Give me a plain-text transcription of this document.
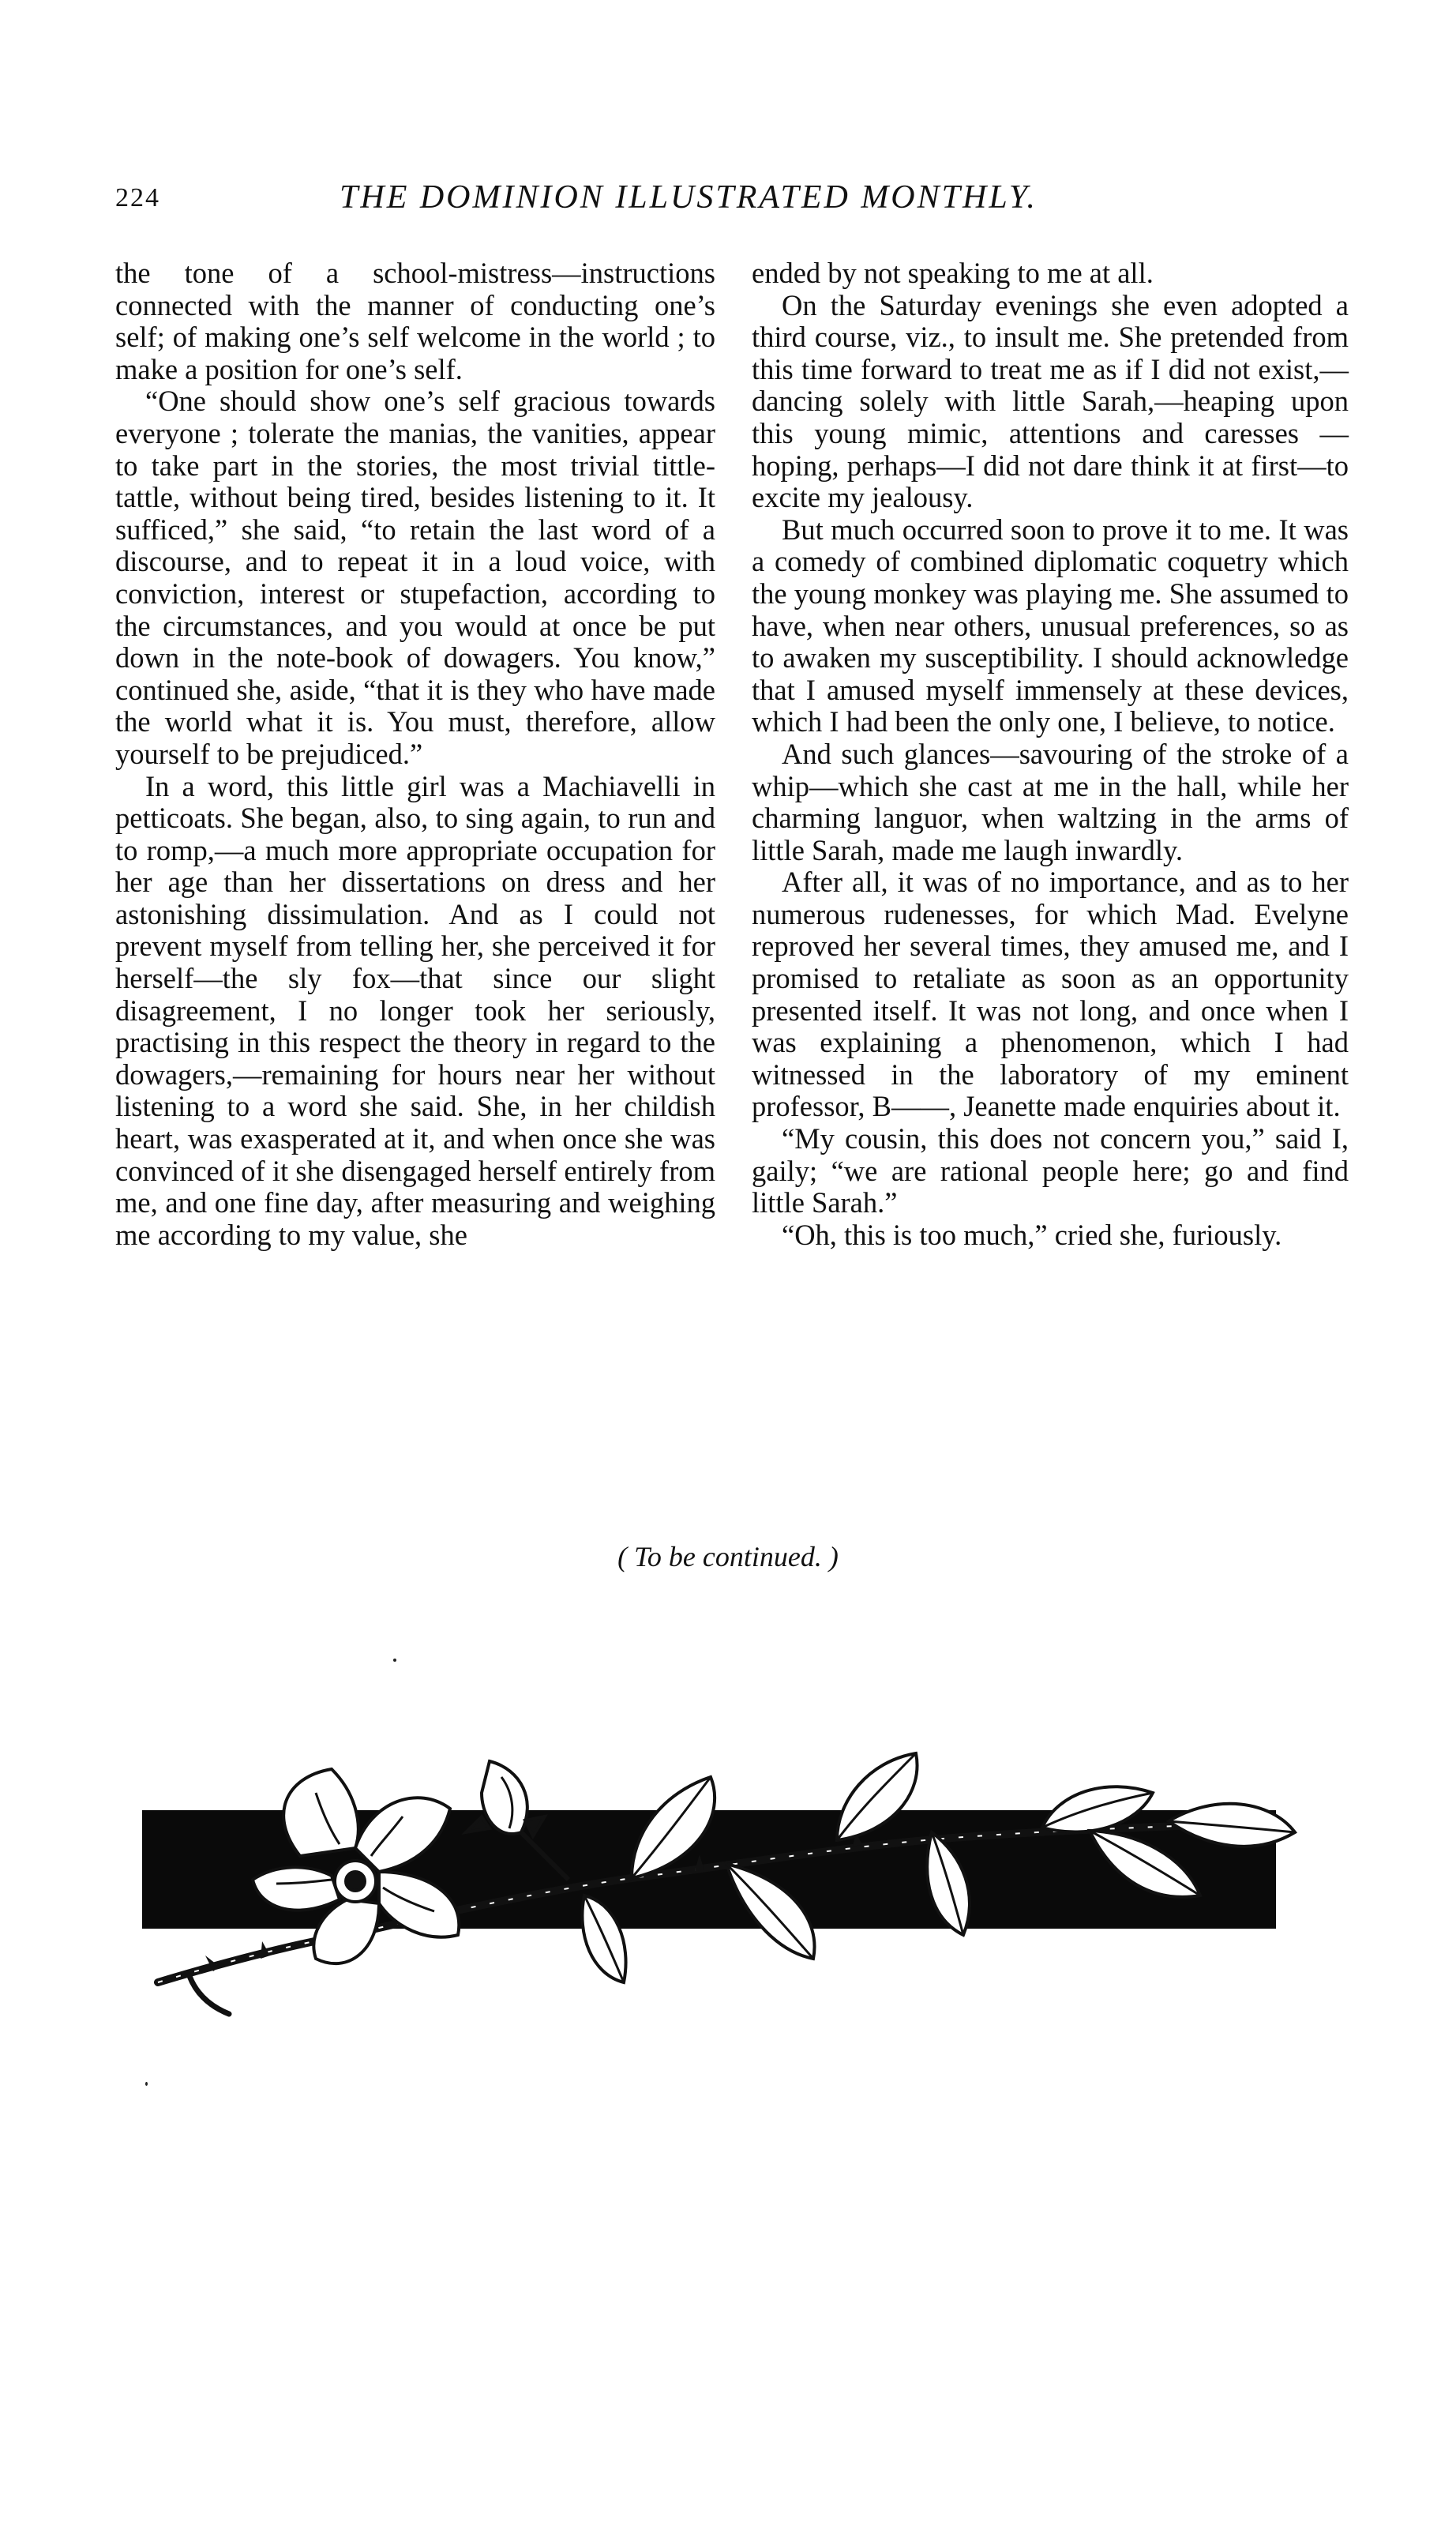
224	THE DOMINION ILLUSTRATED MONTHLY.

the tone of a school-mistress—instructions connected with the manner of conducting one’s self; of making one’s self welcome in the world ; to make a position for one’s self.

“One should show one’s self gracious towards everyone ; tolerate the manias, the vanities, appear to take part in the stories, the most trivial tittle-tattle, without being tired, besides listening to it. It sufficed,” she said, “to retain the last word of a discourse, and to repeat it in a loud voice, with conviction, interest or stupefaction, according to the circumstances, and you would at once be put down in the note-book of dowagers. You know,” continued she, aside, “that it is they who have made the world what it is. You must, therefore, allow yourself to be prejudiced.”

In a word, this little girl was a Machiavelli in petticoats. She began, also, to sing again, to run and to romp,—a much more appropriate occupation for her age than her dissertations on dress and her astonishing dissimulation. And as I could not prevent myself from telling her, she perceived it for herself—the sly fox—that since our slight disagreement, I no longer took her seriously, practising in this respect the theory in regard to the dowagers,—remaining for hours near her without listening to a word she said. She, in her childish heart, was exasperated at it, and when once she was convinced of it she disengaged herself entirely from me, and one fine day, after measuring and weighing me according to my value, she

ended by not speaking to me at all.

On the Saturday evenings she even adopted a third course, viz., to insult me. She pretended from this time forward to treat me as if I did not exist,—dancing solely with little Sarah,—heaping upon this young mimic, attentions and caresses —hoping, perhaps—I did not dare think it at first—to excite my jealousy.

But much occurred soon to prove it to me. It was a comedy of combined diplomatic coquetry which the young monkey was playing me. She assumed to have, when near others, unusual preferences, so as to awaken my susceptibility. I should acknowledge that I amused myself immensely at these devices, which I had been the only one, I believe, to notice.

And such glances—savouring of the stroke of a whip—which she cast at me in the hall, while her charming languor, when waltzing in the arms of little Sarah, made me laugh inwardly.

After all, it was of no importance, and as to her numerous rudenesses, for which Mad. Evelyne reproved her several times, they amused me, and I promised to retaliate as soon as an opportunity presented itself. It was not long, and once when I was explaining a phenomenon, which I had witnessed in the laboratory of my eminent professor, B——, Jeanette made enquiries about it.

“My cousin, this does not concern you,” said I, gaily; “we are rational people here; go and find little Sarah.”

“Oh, this is too much,” cried she, furiously.

( To be continued. )
